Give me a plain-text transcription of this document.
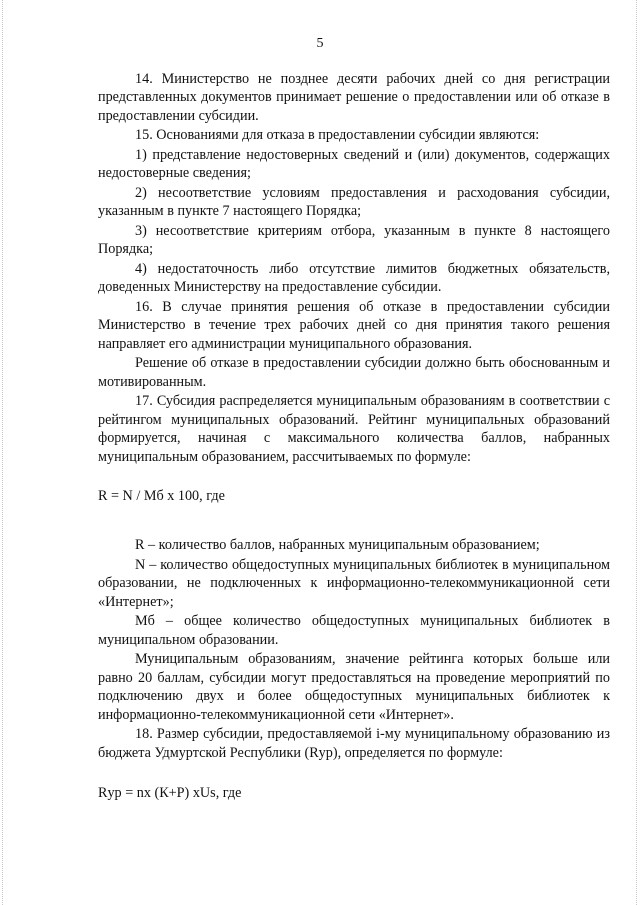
5

14. Министерство не позднее десяти рабочих дней со дня регистрации представленных документов принимает решение о предоставлении или об отказе в предоставлении субсидии.

15. Основаниями для отказа в предоставлении субсидии являются:

1) представление недостоверных сведений и (или) документов, содержащих недостоверные сведения;

2) несоответствие условиям предоставления и расходования субсидии, указанным в пункте 7 настоящего Порядка;

3) несоответствие критериям отбора, указанным в пункте 8 настоящего Порядка;

4) недостаточность либо отсутствие лимитов бюджетных обязательств, доведенных Министерству на предоставление субсидии.

16. В случае принятия решения об отказе в предоставлении субсидии Министерство в течение трех рабочих дней со дня принятия такого решения направляет его администрации муниципального образования.

Решение об отказе в предоставлении субсидии должно быть обоснованным и мотивированным.

17. Субсидия распределяется муниципальным образованиям в соответствии с рейтингом муниципальных образований. Рейтинг муниципальных образований формируется, начиная с максимального количества баллов, набранных муниципальным образованием, рассчитываемых по формуле:

R = N / Мб х 100, где

R – количество баллов, набранных муниципальным образованием;

N – количество общедоступных муниципальных библиотек в муниципальном образовании, не подключенных к информационно-телекоммуникационной сети «Интернет»;

Мб – общее количество общедоступных муниципальных библиотек в муниципальном образовании.

Муниципальным образованиям, значение рейтинга которых больше или равно 20 баллам, субсидии могут предоставляться на проведение мероприятий по подключению двух и более общедоступных муниципальных библиотек к информационно-телекоммуникационной сети «Интернет».

18. Размер субсидии, предоставляемой i-му муниципальному образованию из бюджета Удмуртской Республики (Rур), определяется по формуле:

Rур = nх (К+Р) хUs, где
